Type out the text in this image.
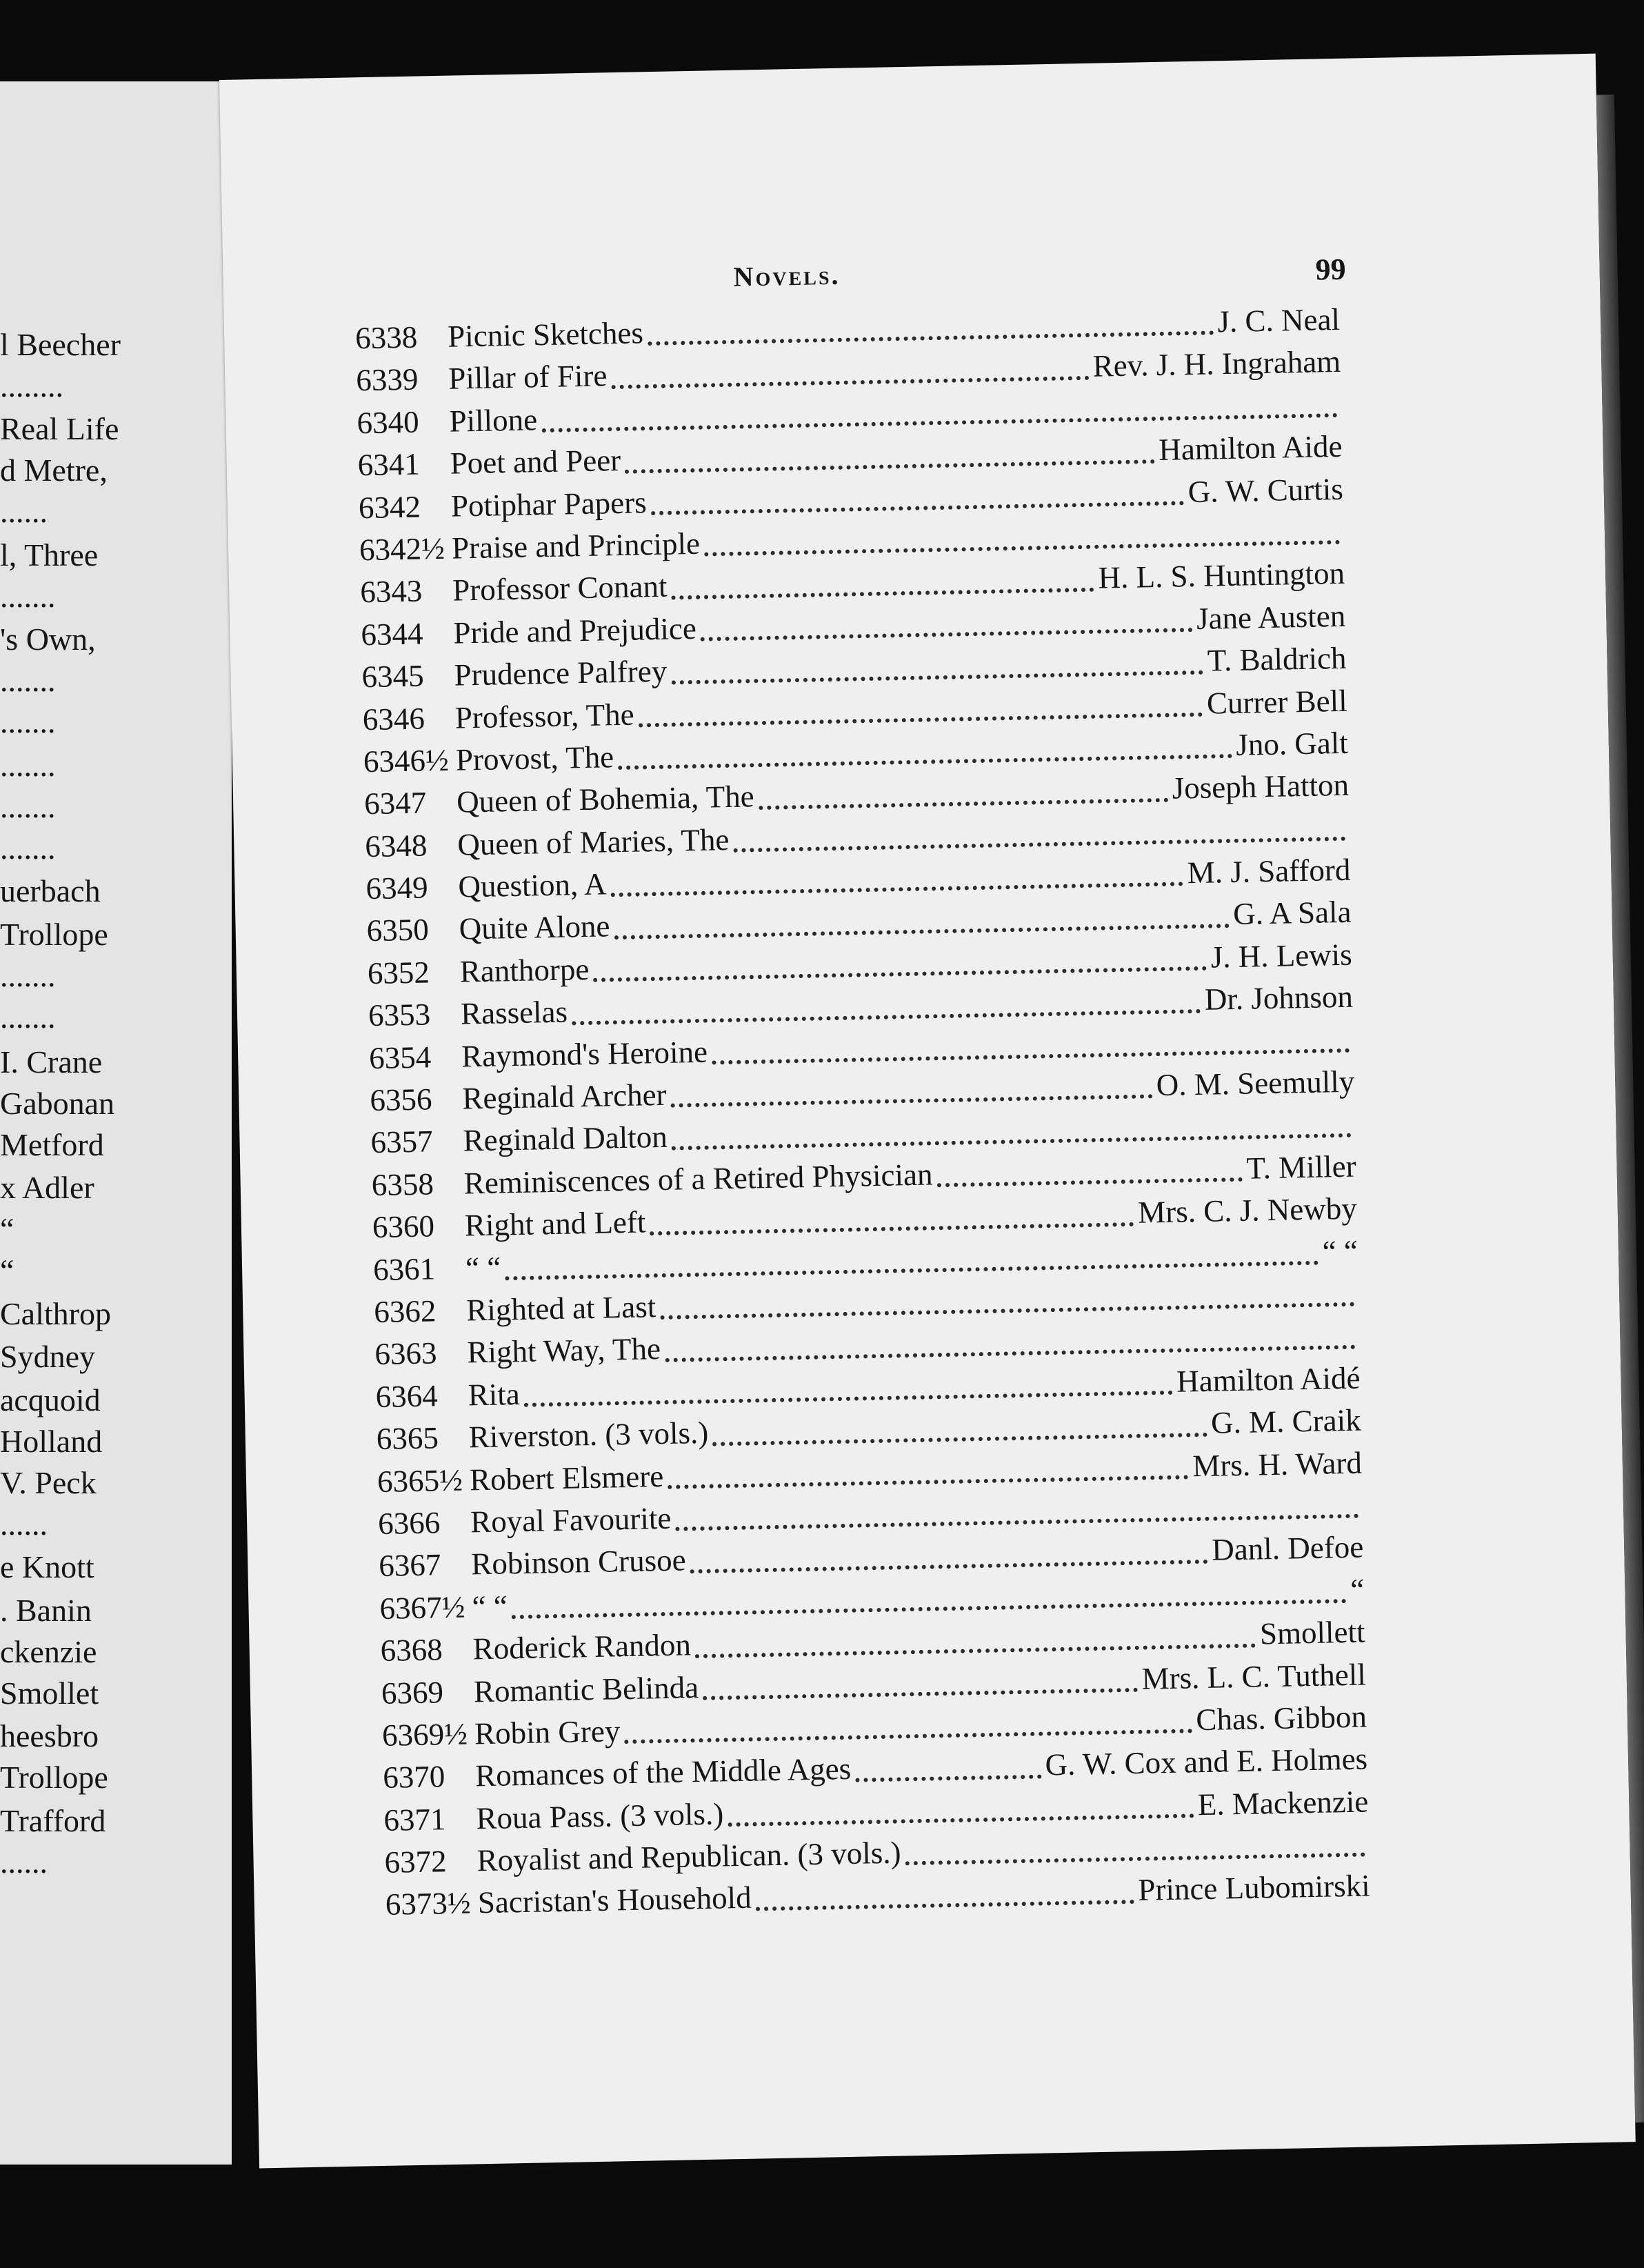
l Beecher
........
Real Life
d Metre,
......
l, Three
.......
's Own,
.......
.......
.......
.......
.......
uerbach
Trollope
.......
.......
I. Crane
Gabonan
Metford
x Adler
“
“
Calthrop
Sydney
acquoid
Holland
V. Peck
......
e Knott
. Banin
ckenzie
Smollet
heesbro
Trollope
Trafford
......
Novels.	99
6338 Picnic Sketches	J. C. Neal
6339 Pillar of Fire	Rev. J. H. Ingraham
6340 Pillone
6341 Poet and Peer	Hamilton Aide
6342 Potiphar Papers	G. W. Curtis
6342½ Praise and Principle
6343 Professor Conant	H. L. S. Huntington
6344 Pride and Prejudice	Jane Austen
6345 Prudence Palfrey	T. Baldrich
6346 Professor, The	Currer Bell
6346½ Provost, The	Jno. Galt
6347 Queen of Bohemia, The	Joseph Hatton
6348 Queen of Maries, The
6349 Question, A	M. J. Safford
6350 Quite Alone	G. A Sala
6352 Ranthorpe	J. H. Lewis
6353 Rasselas	Dr. Johnson
6354 Raymond's Heroine
6356 Reginald Archer	O. M. Seemully
6357 Reginald Dalton
6358 Reminiscences of a Retired Physician	T. Miller
6360 Right and Left	Mrs. C. J. Newby
6361 “ “	“ “
6362 Righted at Last
6363 Right Way, The
6364 Rita	Hamilton Aidé
6365 Riverston. (3 vols.)	G. M. Craik
6365½ Robert Elsmere	Mrs. H. Ward
6366 Royal Favourite
6367 Robinson Crusoe	Danl. Defoe
6367½ “ “	“
6368 Roderick Randon	Smollett
6369 Romantic Belinda	Mrs. L. C. Tuthell
6369½ Robin Grey	Chas. Gibbon
6370 Romances of the Middle Ages	G. W. Cox and E. Holmes
6371 Roua Pass. (3 vols.)	E. Mackenzie
6372 Royalist and Republican. (3 vols.)
6373½ Sacristan's Household	Prince Lubomirski
